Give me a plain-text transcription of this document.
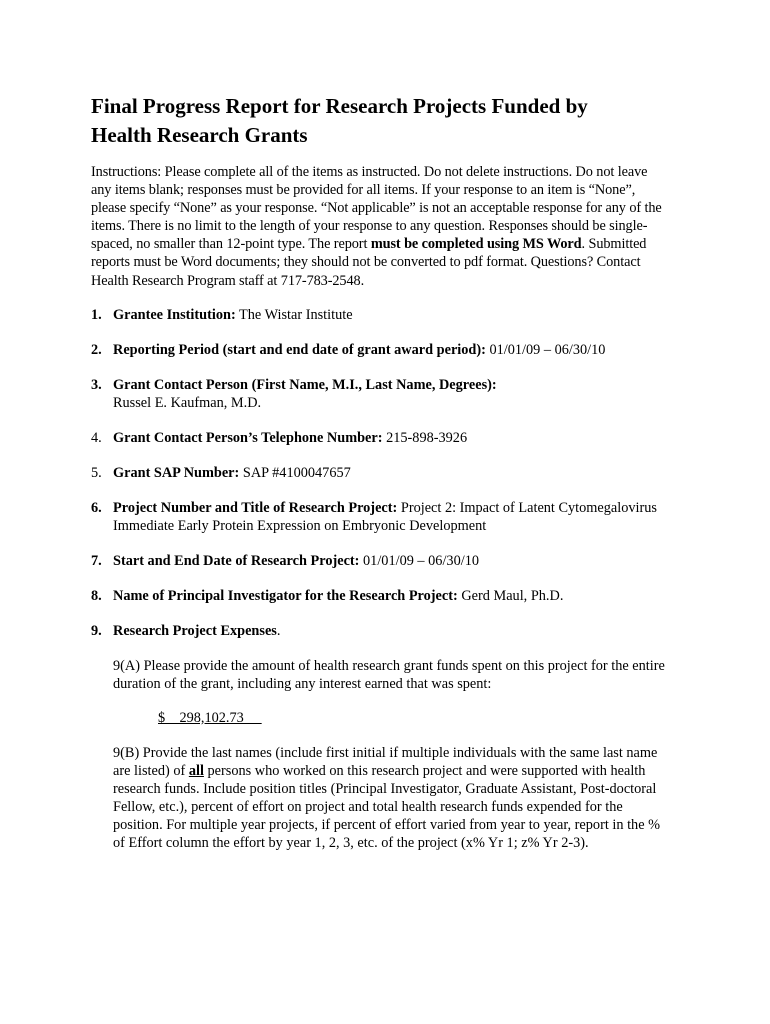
Final Progress Report for Research Projects Funded by
Health Research Grants

Instructions: Please complete all of the items as instructed. Do not delete instructions. Do not leave any items blank; responses must be provided for all items. If your response to an item is “None”, please specify “None” as your response. “Not applicable” is not an acceptable response for any of the items. There is no limit to the length of your response to any question. Responses should be single-spaced, no smaller than 12-point type. The report must be completed using MS Word. Submitted reports must be Word documents; they should not be converted to pdf format. Questions? Contact Health Research Program staff at 717-783-2548.

1. Grantee Institution: The Wistar Institute
2. Reporting Period (start and end date of grant award period): 01/01/09 – 06/30/10
3. Grant Contact Person (First Name, M.I., Last Name, Degrees):
Russel E. Kaufman, M.D.
4. Grant Contact Person’s Telephone Number: 215-898-3926
5. Grant SAP Number: SAP #4100047657
6. Project Number and Title of Research Project: Project 2: Impact of Latent Cytomegalovirus Immediate Early Protein Expression on Embryonic Development
7. Start and End Date of Research Project: 01/01/09 – 06/30/10
8. Name of Principal Investigator for the Research Project: Gerd Maul, Ph.D.
9. Research Project Expenses.
9(A) Please provide the amount of health research grant funds spent on this project for the entire duration of the grant, including any interest earned that was spent:
$    298,102.73
9(B) Provide the last names (include first initial if multiple individuals with the same last name are listed) of all persons who worked on this research project and were supported with health research funds. Include position titles (Principal Investigator, Graduate Assistant, Post-doctoral Fellow, etc.), percent of effort on project and total health research funds expended for the position. For multiple year projects, if percent of effort varied from year to year, report in the % of Effort column the effort by year 1, 2, 3, etc. of the project (x% Yr 1; z% Yr 2-3).
